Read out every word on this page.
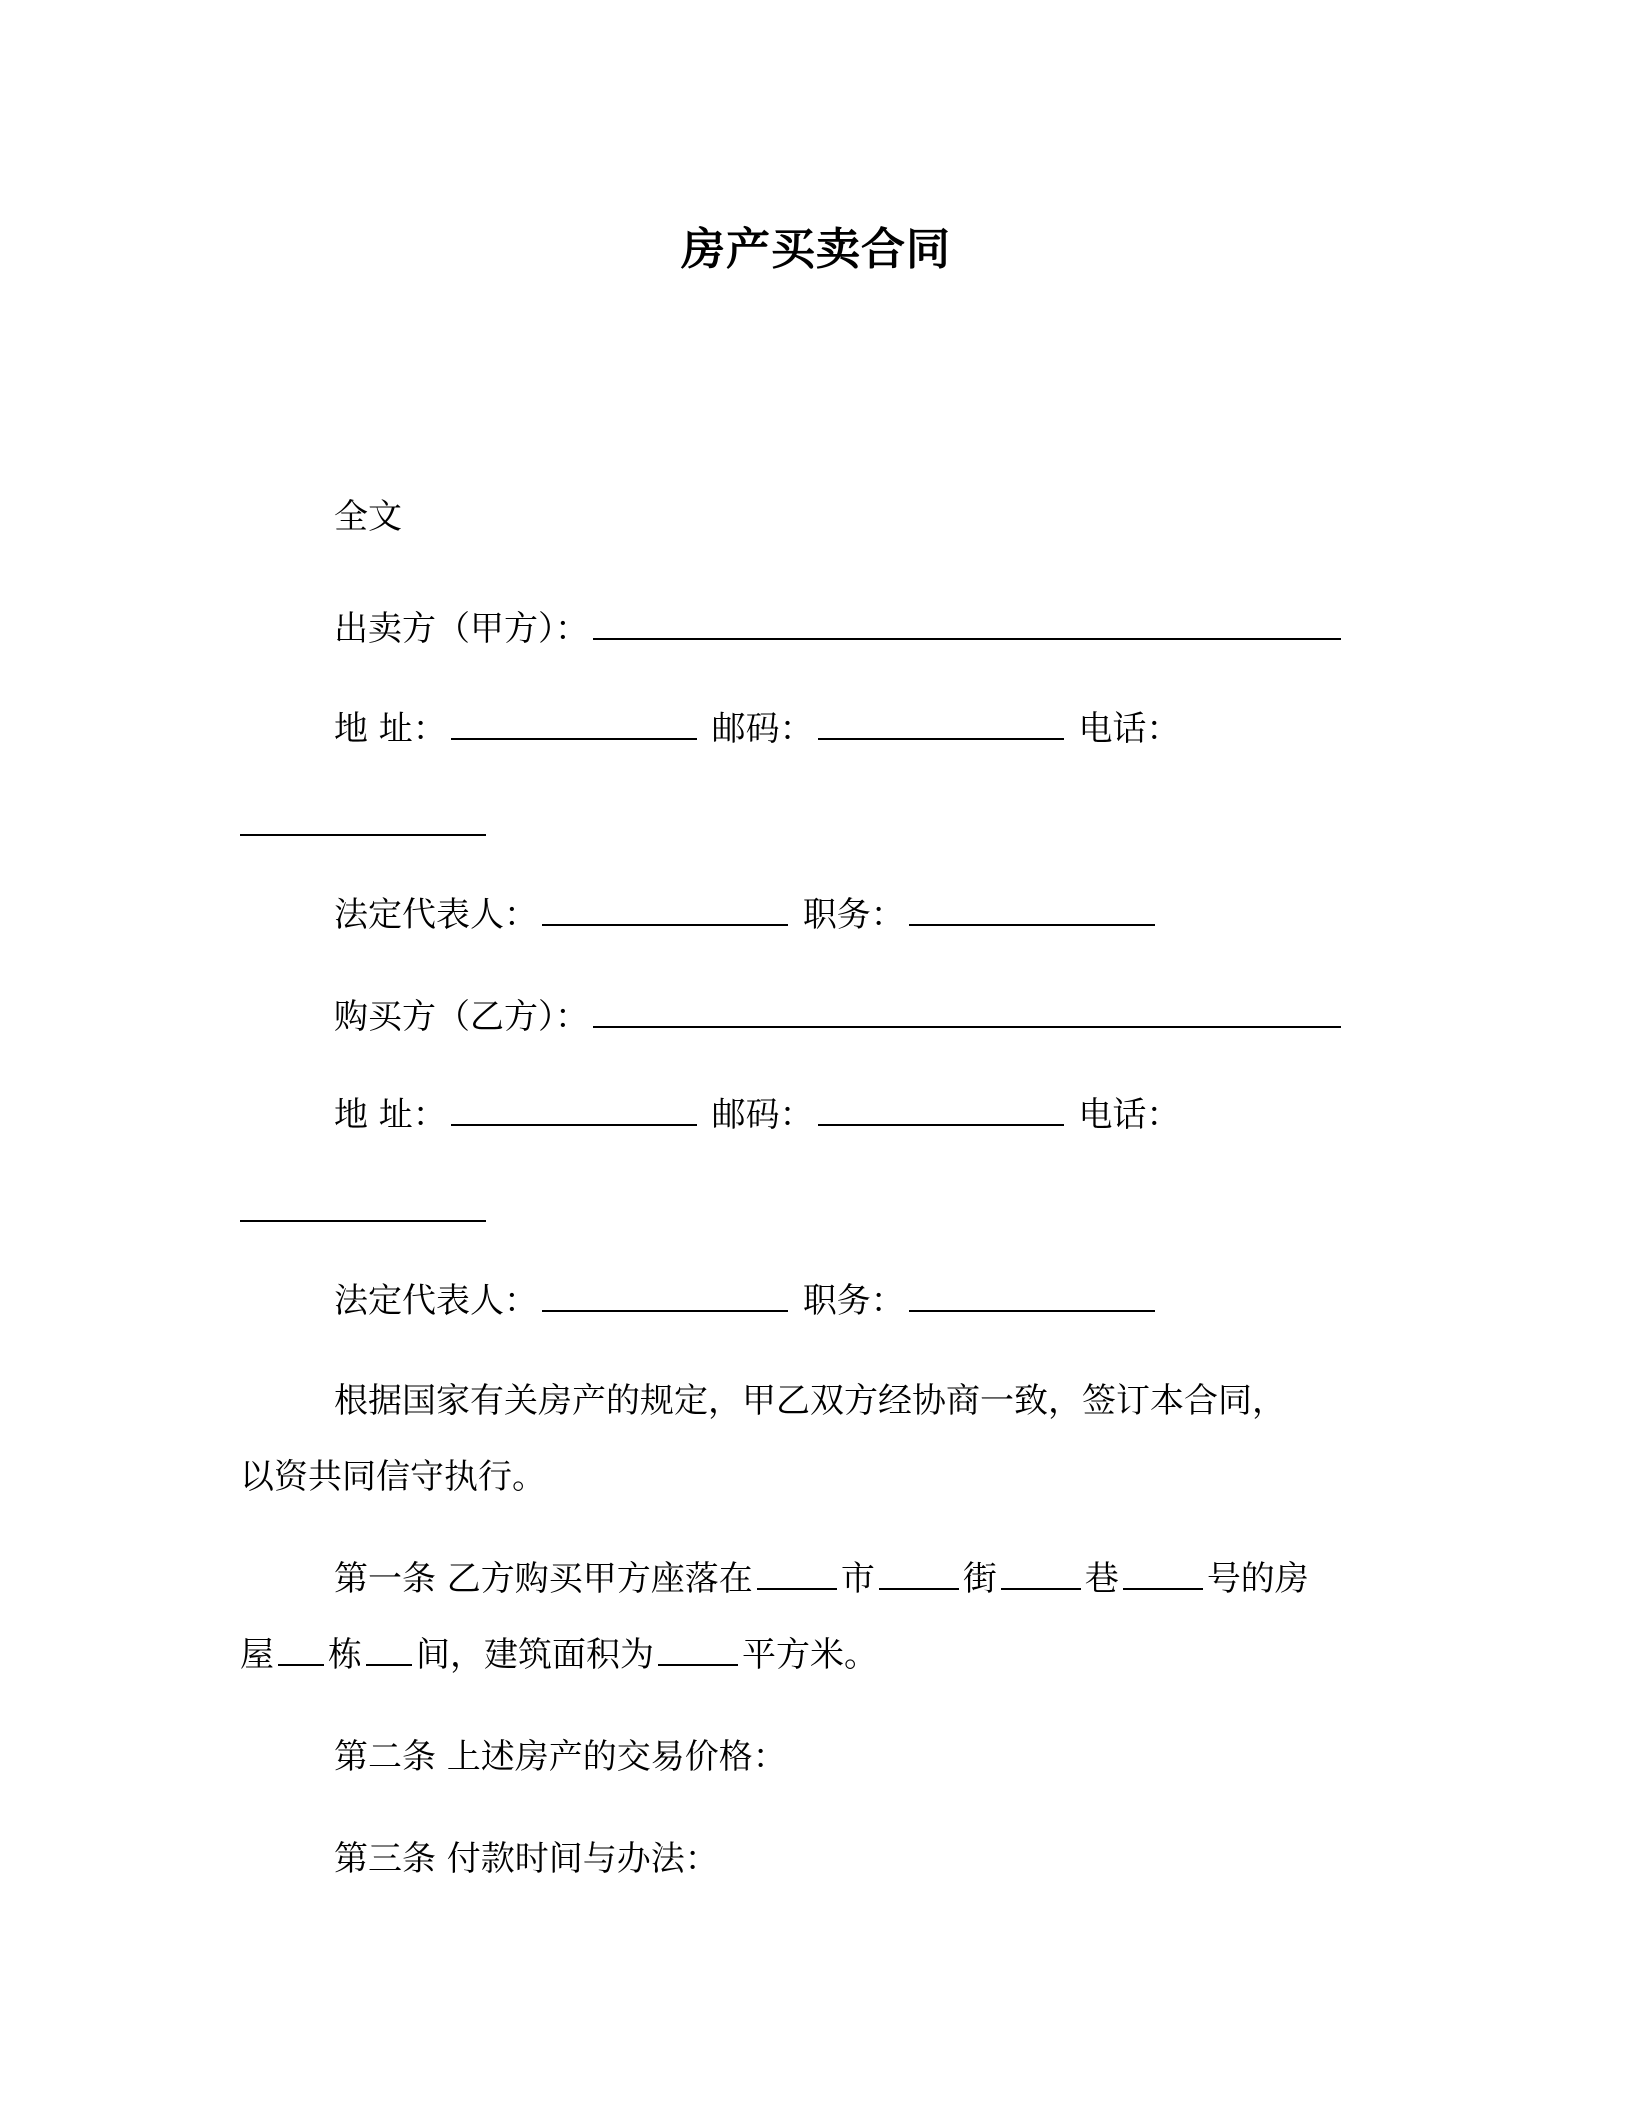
房产买卖合同
全文
出卖方（甲方）：
地 址：	邮码：	电话：
法定代表人：	职务：
购买方（乙方）：
地 址：	邮码：	电话：
法定代表人：	职务：
根据国家有关房产的规定，甲乙双方经协商一致，签订本合同，
以资共同信守执行。
第一条 乙方购买甲方座落在	市	街	巷	号的房
屋 栋 间，建筑面积为	平方米。
第二条 上述房产的交易价格：
第三条 付款时间与办法：
